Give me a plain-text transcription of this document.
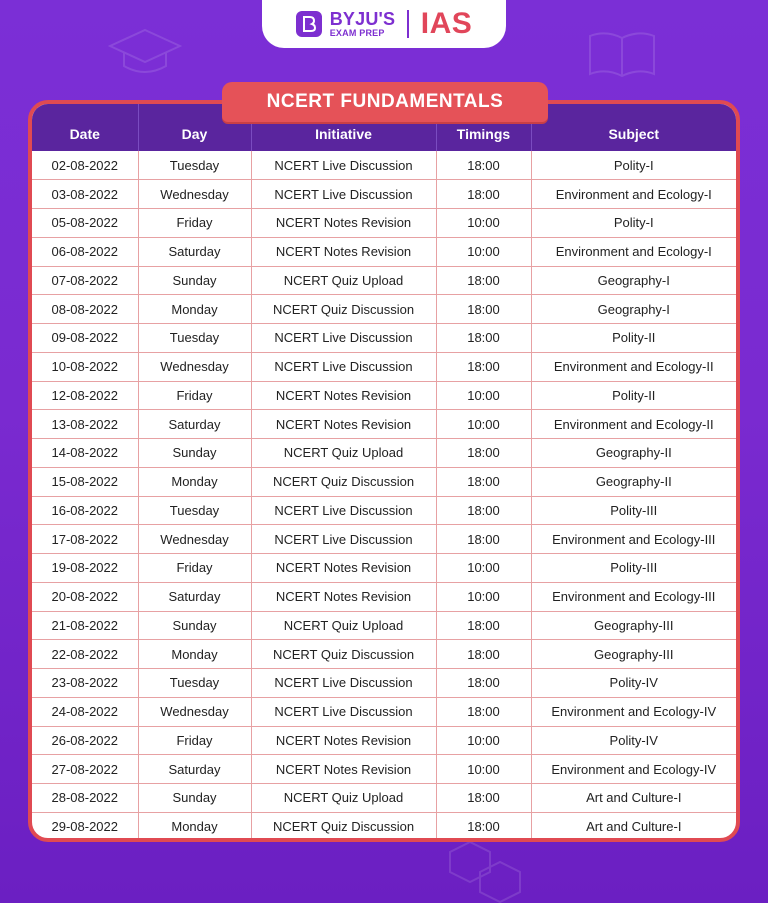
BYJU'S
EXAM PREP	IAS
NCERT FUNDAMENTALS
Date	Day	Initiative	Timings	Subject
02-08-2022	Tuesday	NCERT Live Discussion	18:00	Polity-I
03-08-2022	Wednesday	NCERT Live Discussion	18:00	Environment and Ecology-I
05-08-2022	Friday	NCERT Notes Revision	10:00	Polity-I
06-08-2022	Saturday	NCERT Notes Revision	10:00	Environment and Ecology-I
07-08-2022	Sunday	NCERT Quiz Upload	18:00	Geography-I
08-08-2022	Monday	NCERT Quiz Discussion	18:00	Geography-I
09-08-2022	Tuesday	NCERT Live Discussion	18:00	Polity-II
10-08-2022	Wednesday	NCERT Live Discussion	18:00	Environment and Ecology-II
12-08-2022	Friday	NCERT Notes Revision	10:00	Polity-II
13-08-2022	Saturday	NCERT Notes Revision	10:00	Environment and Ecology-II
14-08-2022	Sunday	NCERT Quiz Upload	18:00	Geography-II
15-08-2022	Monday	NCERT Quiz Discussion	18:00	Geography-II
16-08-2022	Tuesday	NCERT Live Discussion	18:00	Polity-III
17-08-2022	Wednesday	NCERT Live Discussion	18:00	Environment and Ecology-III
19-08-2022	Friday	NCERT Notes Revision	10:00	Polity-III
20-08-2022	Saturday	NCERT Notes Revision	10:00	Environment and Ecology-III
21-08-2022	Sunday	NCERT Quiz Upload	18:00	Geography-III
22-08-2022	Monday	NCERT Quiz Discussion	18:00	Geography-III
23-08-2022	Tuesday	NCERT Live Discussion	18:00	Polity-IV
24-08-2022	Wednesday	NCERT Live Discussion	18:00	Environment and Ecology-IV
26-08-2022	Friday	NCERT Notes Revision	10:00	Polity-IV
27-08-2022	Saturday	NCERT Notes Revision	10:00	Environment and Ecology-IV
28-08-2022	Sunday	NCERT Quiz Upload	18:00	Art and Culture-I
29-08-2022	Monday	NCERT Quiz Discussion	18:00	Art and Culture-I
